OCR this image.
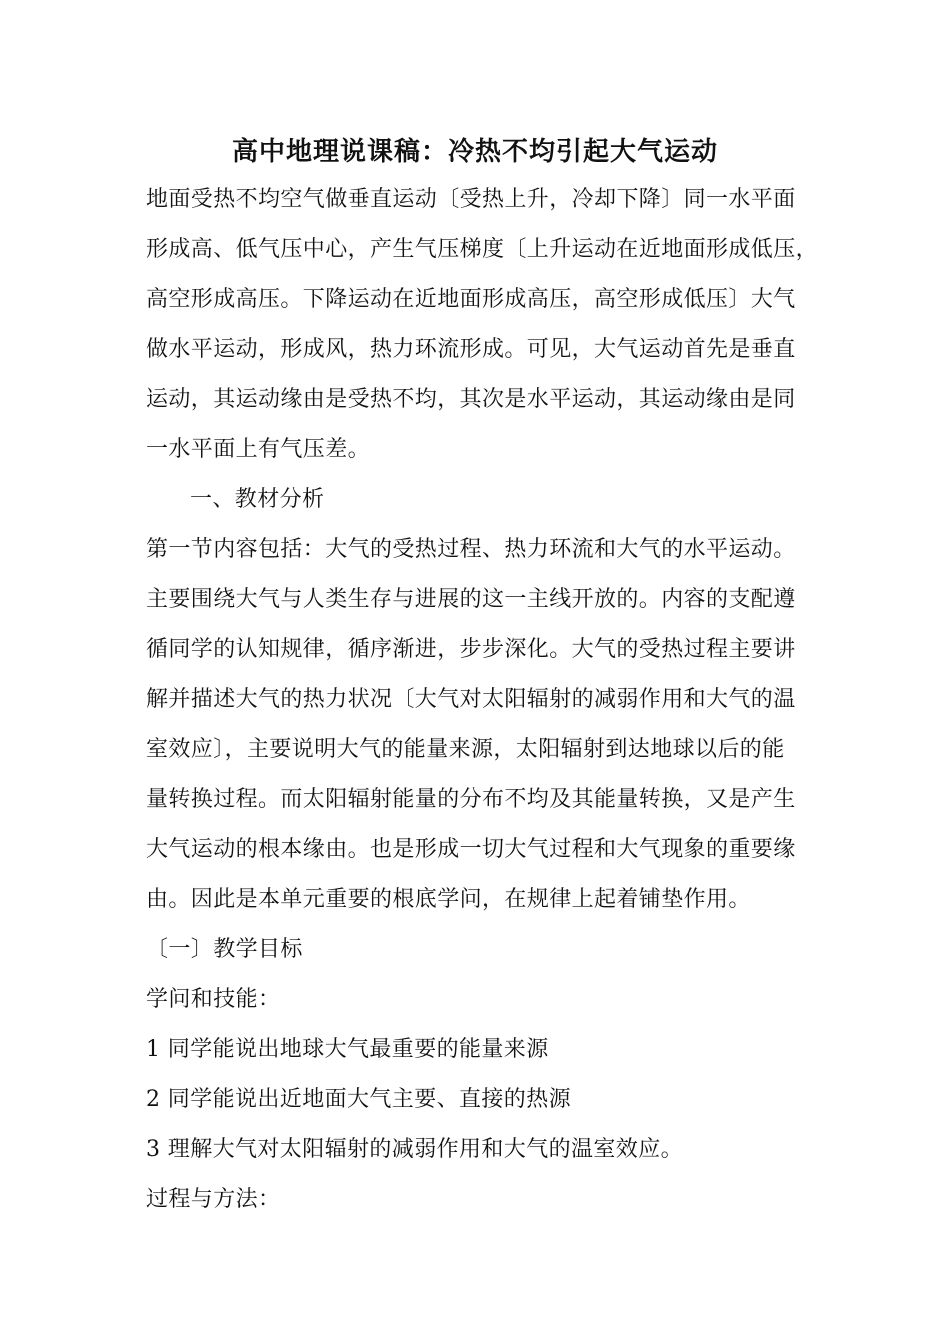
高中地理说课稿：冷热不均引起大气运动
地面受热不均空气做垂直运动〔受热上升，冷却下降〕同一水平面
形成高、低气压中心，产生气压梯度〔上升运动在近地面形成低压，
高空形成高压。下降运动在近地面形成高压，高空形成低压〕大气
做水平运动，形成风，热力环流形成。可见，大气运动首先是垂直
运动，其运动缘由是受热不均，其次是水平运动，其运动缘由是同
一水平面上有气压差。
一、教材分析
第一节内容包括：大气的受热过程、热力环流和大气的水平运动。
主要围绕大气与人类生存与进展的这一主线开放的。内容的支配遵
循同学的认知规律，循序渐进，步步深化。大气的受热过程主要讲
解并描述大气的热力状况〔大气对太阳辐射的减弱作用和大气的温
室效应〕，主要说明大气的能量来源，太阳辐射到达地球以后的能
量转换过程。而太阳辐射能量的分布不均及其能量转换，又是产生
大气运动的根本缘由。也是形成一切大气过程和大气现象的重要缘
由。因此是本单元重要的根底学问，在规律上起着铺垫作用。
〔一〕教学目标
学问和技能：
1 同学能说出地球大气最重要的能量来源
2 同学能说出近地面大气主要、直接的热源
3 理解大气对太阳辐射的减弱作用和大气的温室效应。
过程与方法：
